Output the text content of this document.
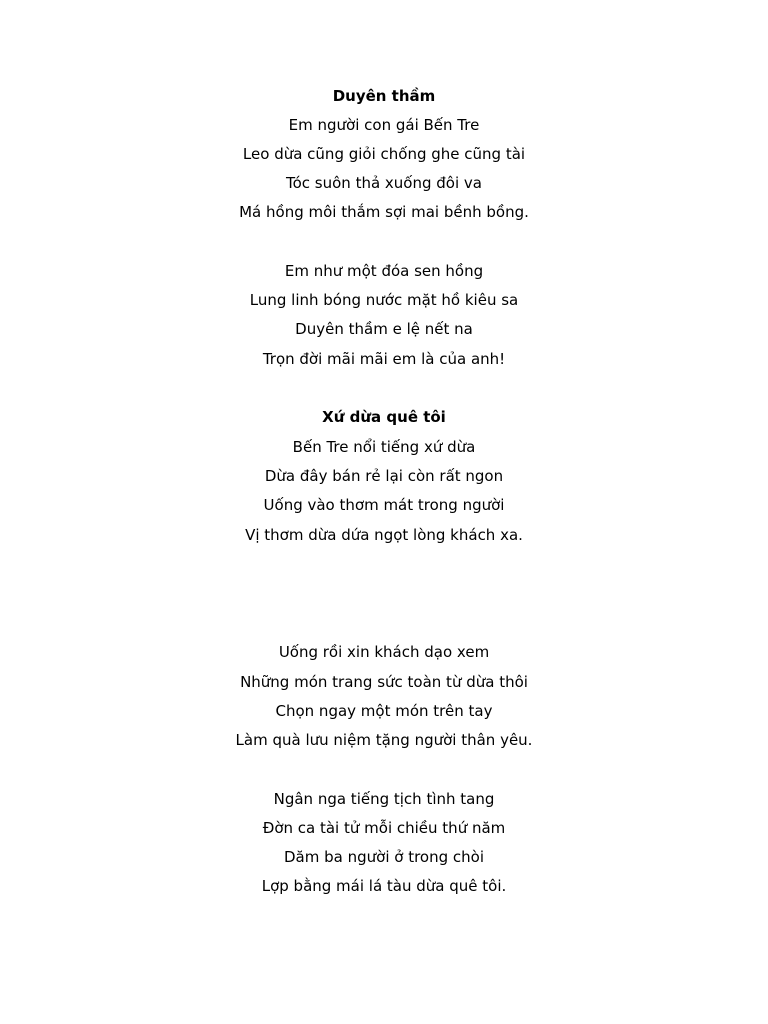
Duyên thầm
Em người con gái Bến Tre
Leo dừa cũng giỏi chống ghe cũng tài
Tóc suôn thả xuống đôi va
Má hồng môi thắm sợi mai bềnh bồng.
Em như một đóa sen hồng
Lung linh bóng nước mặt hồ kiêu sa
Duyên thầm e lệ nết na
Trọn đời mãi mãi em là của anh!
Xứ dừa quê tôi
Bến Tre nổi tiếng xứ dừa
Dừa đây bán rẻ lại còn rất ngon
Uống vào thơm mát trong người
Vị thơm dừa dứa ngọt lòng khách xa.
Uống rồi xin khách dạo xem
Những món trang sức toàn từ dừa thôi
Chọn ngay một món trên tay
Làm quà lưu niệm tặng người thân yêu.
Ngân nga tiếng tịch tình tang
Đờn ca tài tử mỗi chiều thứ năm
Dăm ba người ở trong chòi
Lợp bằng mái lá tàu dừa quê tôi.
